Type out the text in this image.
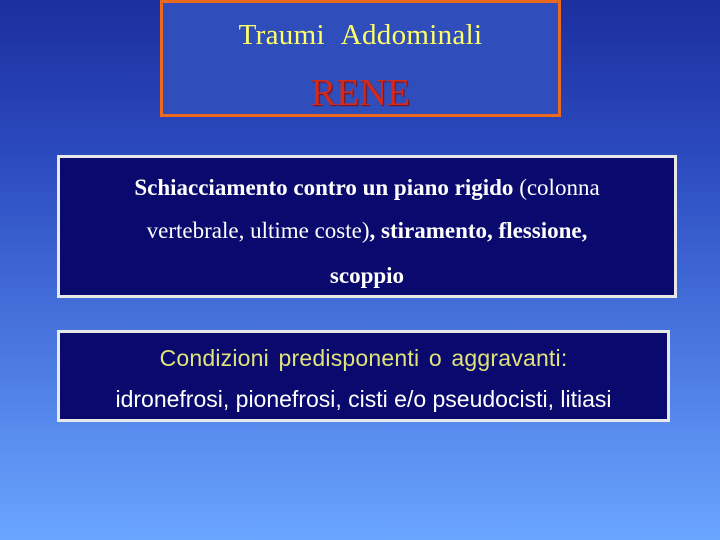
Traumi Addominali
RENE
Schiacciamento contro un piano rigido (colonna
vertebrale, ultime coste), stiramento, flessione,
scoppio
Condizioni predisponenti o aggravanti:
idronefrosi, pionefrosi, cisti e/o pseudocisti, litiasi
